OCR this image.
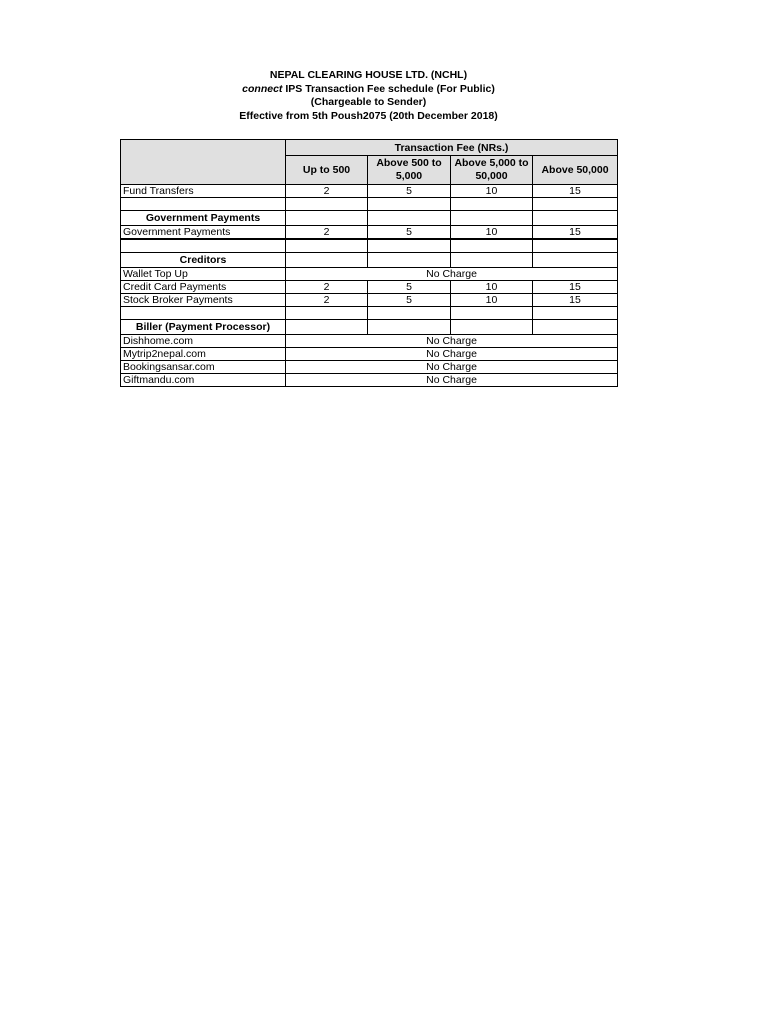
NEPAL CLEARING HOUSE LTD. (NCHL)
connect IPS Transaction Fee schedule (For Public)
(Chargeable to Sender)
Effective from 5th Poush2075 (20th December 2018)
	Transaction Fee (NRs.)			
	Up to 500	Above 500 to 5,000	Above 5,000 to 50,000	Above 50,000
Fund Transfers	2	5	10	15

Government Payments				
Government Payments	2	5	10	15

Creditors				
Wallet Top Up	No Charge			
Credit Card Payments	2	5	10	15
Stock Broker Payments	2	5	10	15

Biller (Payment Processor)				
Dishhome.com	No Charge			
Mytrip2nepal.com	No Charge			
Bookingsansar.com	No Charge			
Giftmandu.com	No Charge			
